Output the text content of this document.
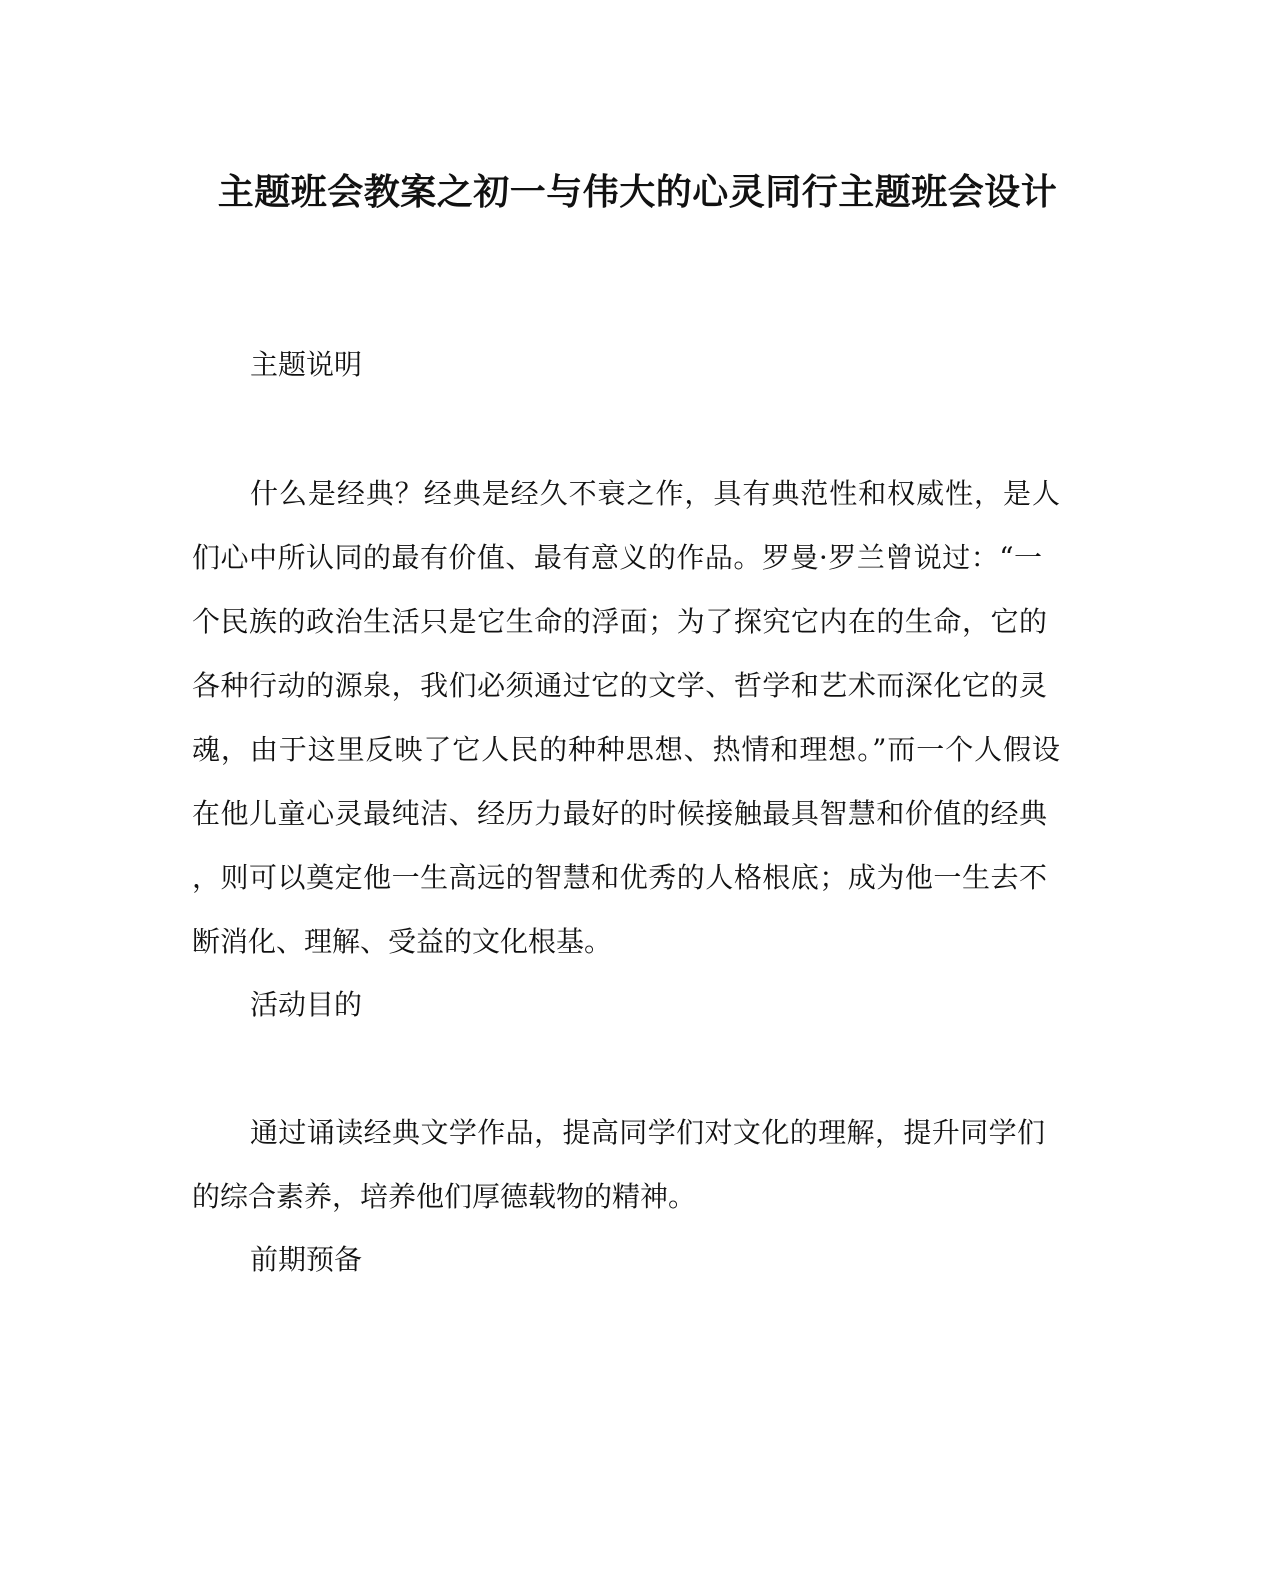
主题班会教案之初一与伟大的心灵同行主题班会设计

主题说明

什么是经典？经典是经久不衰之作，具有典范性和权威性，是人

们心中所认同的最有价值、最有意义的作品。罗曼·罗兰曾说过：“一

个民族的政治生活只是它生命的浮面；为了探究它内在的生命，它的

各种行动的源泉，我们必须通过它的文学、哲学和艺术而深化它的灵

魂，由于这里反映了它人民的种种思想、热情和理想。”而一个人假设

在他儿童心灵最纯洁、经历力最好的时候接触最具智慧和价值的经典

，则可以奠定他一生高远的智慧和优秀的人格根底；成为他一生去不

断消化、理解、受益的文化根基。

活动目的

通过诵读经典文学作品，提高同学们对文化的理解，提升同学们

的综合素养，培养他们厚德载物的精神。

前期预备
